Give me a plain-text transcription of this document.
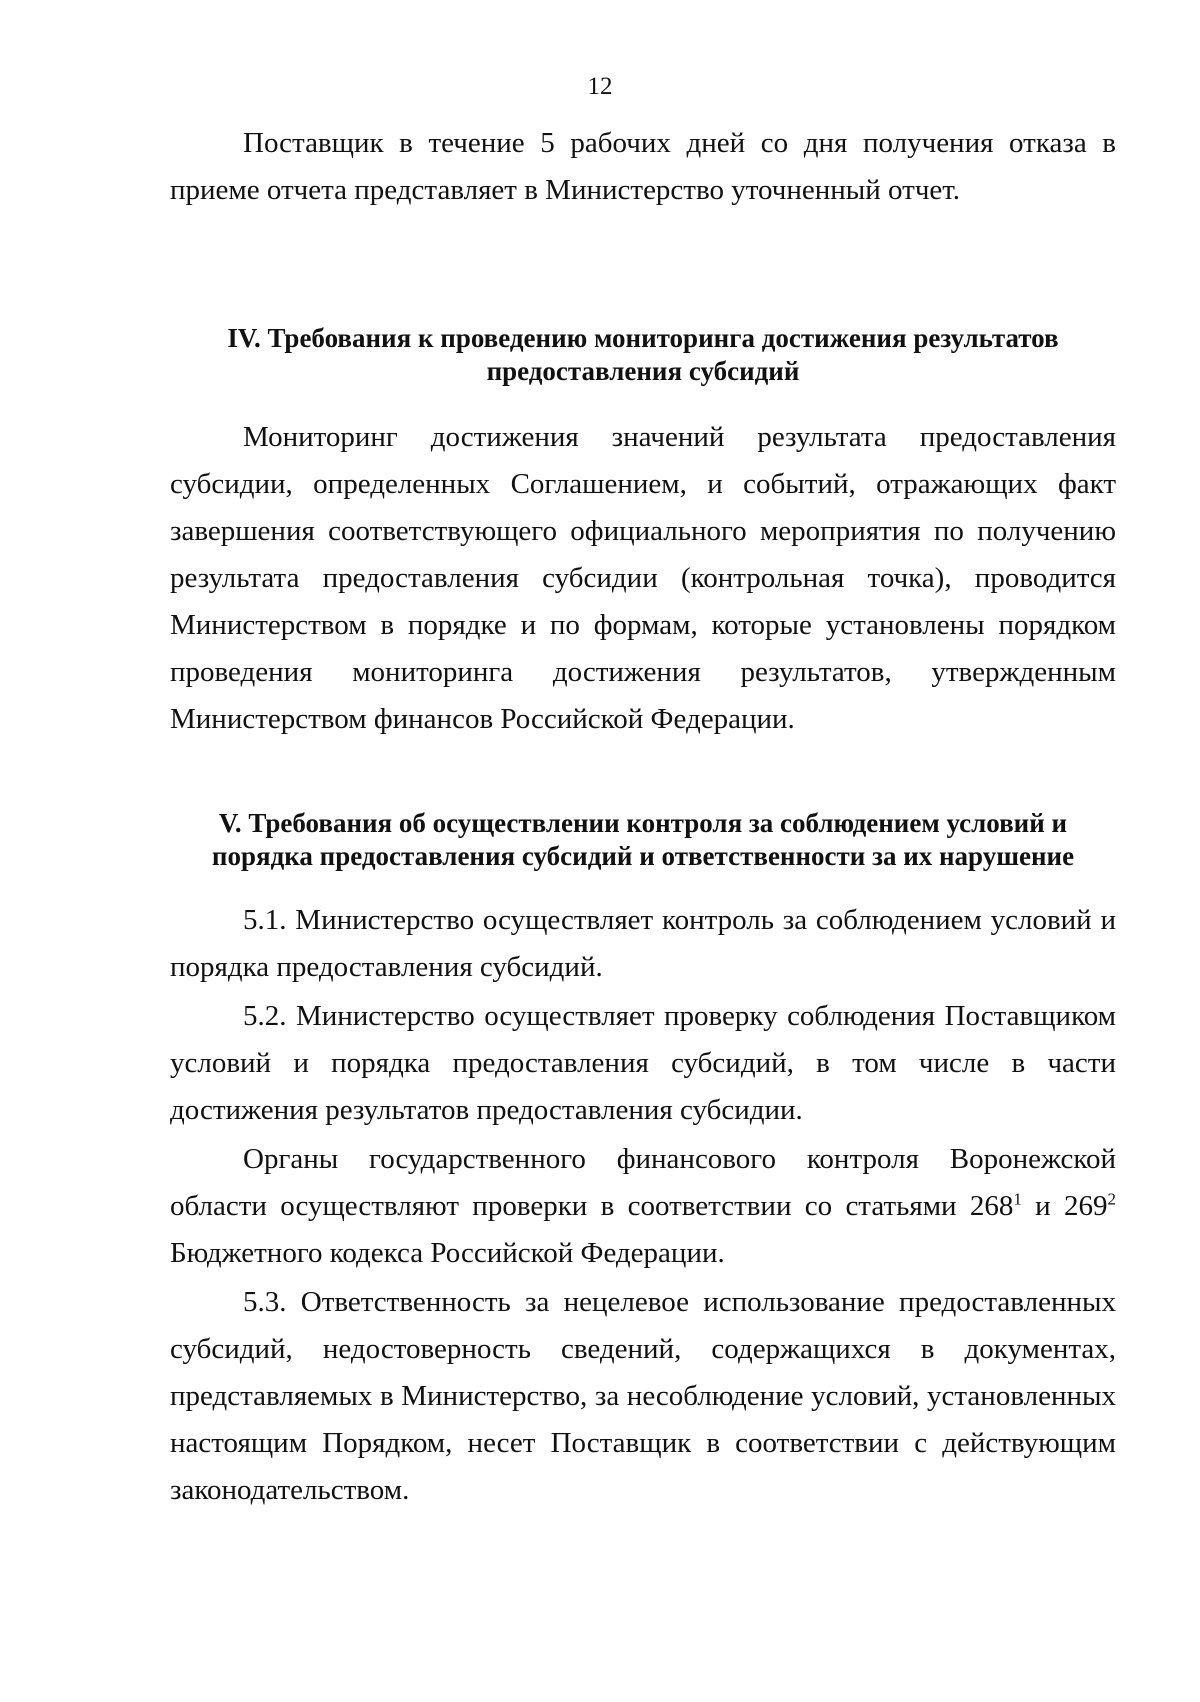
12

Поставщик в течение 5 рабочих дней со дня получения отказа в приеме отчета представляет в Министерство уточненный отчет.

IV. Требования к проведению мониторинга достижения результатов
предоставления субсидий

Мониторинг достижения значений результата предоставления субсидии, определенных Соглашением, и событий, отражающих факт завершения соответствующего официального мероприятия по получению результата предоставления субсидии (контрольная точка), проводится Министерством в порядке и по формам, которые установлены порядком проведения мониторинга достижения результатов, утвержденным Министерством финансов Российской Федерации.

V. Требования об осуществлении контроля за соблюдением условий и
порядка предоставления субсидий и ответственности за их нарушение

5.1. Министерство осуществляет контроль за соблюдением условий и порядка предоставления субсидий.

5.2. Министерство осуществляет проверку соблюдения Поставщиком условий и порядка предоставления субсидий, в том числе в части достижения результатов предоставления субсидии.

Органы государственного финансового контроля Воронежской области осуществляют проверки в соответствии со статьями $268^1$ и $269^2$ Бюджетного кодекса Российской Федерации.

5.3. Ответственность за нецелевое использование предоставленных субсидий, недостоверность сведений, содержащихся в документах, представляемых в Министерство, за несоблюдение условий, установленных настоящим Порядком, несет Поставщик в соответствии с действующим законодательством.
